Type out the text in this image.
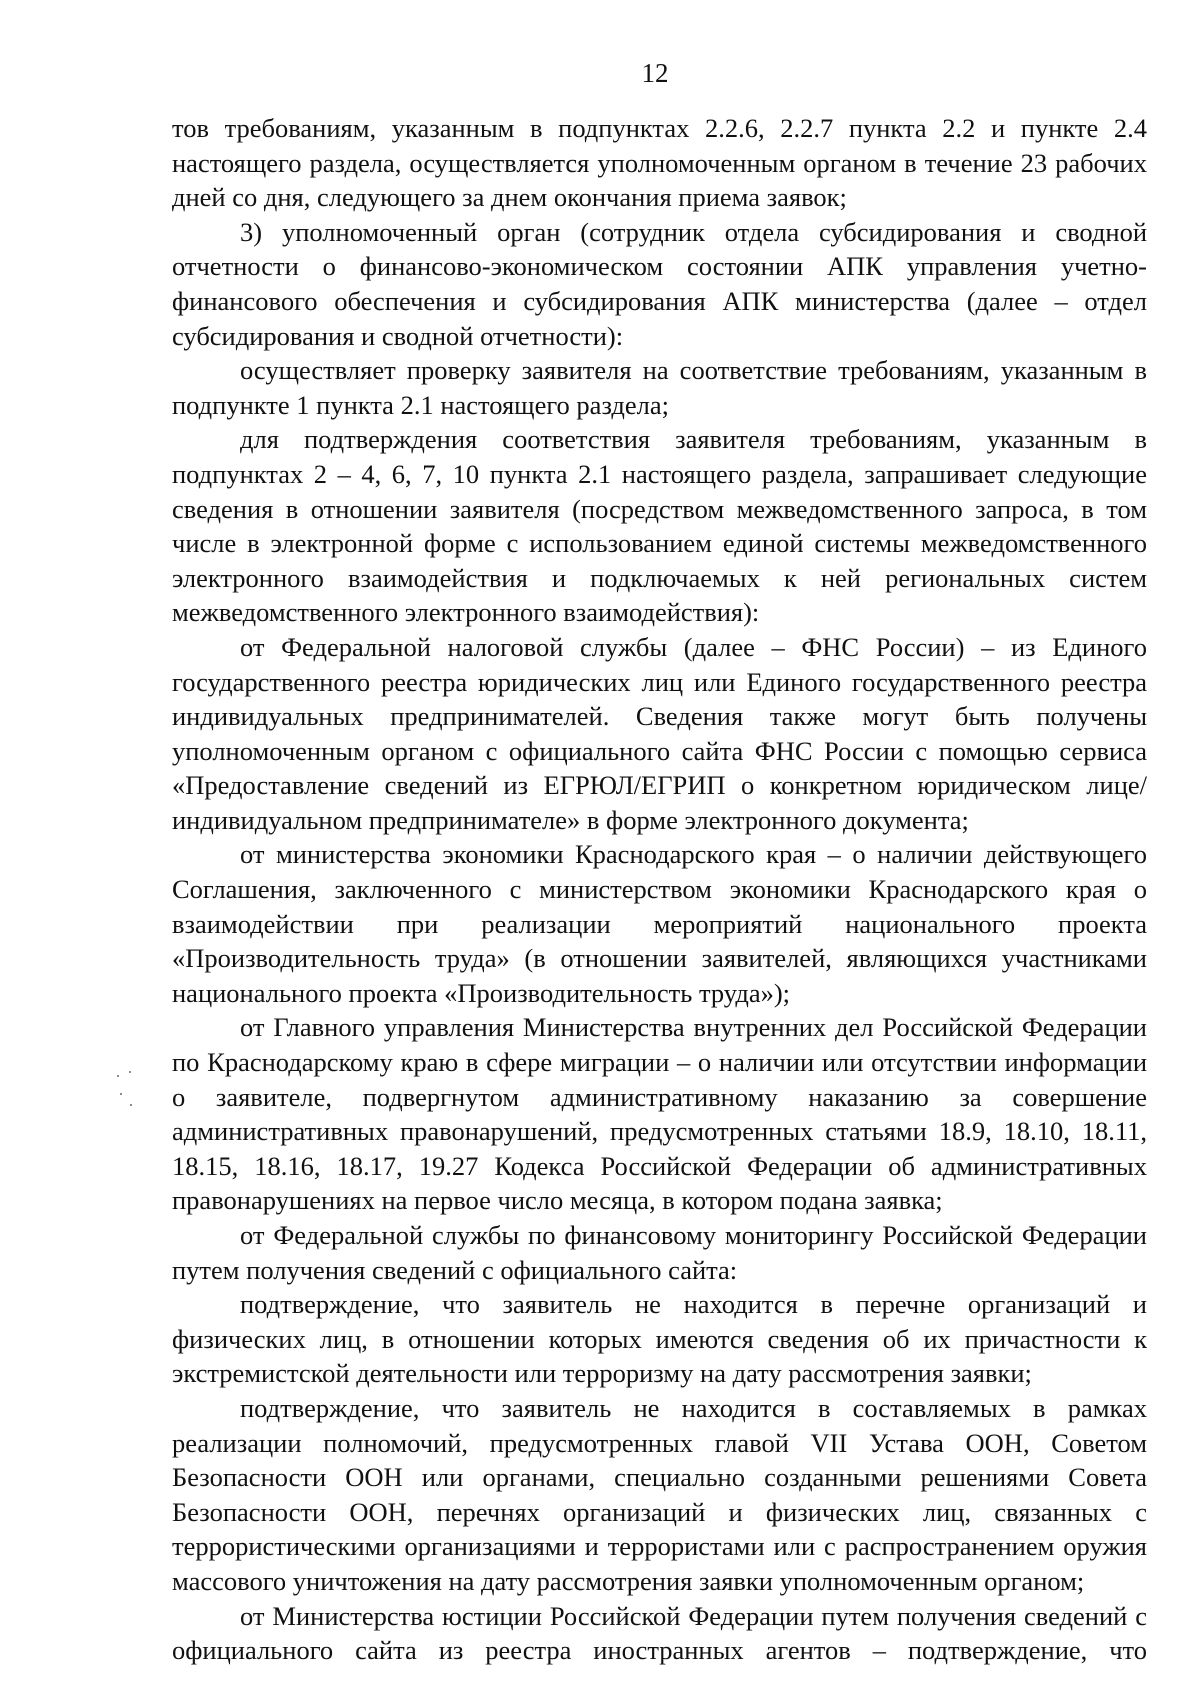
12

тов требованиям, указанным в подпунктах 2.2.6, 2.2.7 пункта 2.2 и пункте 2.4 настоящего раздела, осуществляется уполномоченным органом в течение 23 рабочих дней со дня, следующего за днем окончания приема заявок;

3) уполномоченный орган (сотрудник отдела субсидирования и сводной отчетности о финансово-экономическом состоянии АПК управления учетно-финансового обеспечения и субсидирования АПК министерства (далее – отдел субсидирования и сводной отчетности):

осуществляет проверку заявителя на соответствие требованиям, указанным в подпункте 1 пункта 2.1 настоящего раздела;

для подтверждения соответствия заявителя требованиям, указанным в подпунктах 2 – 4, 6, 7, 10 пункта 2.1 настоящего раздела, запрашивает следующие сведения в отношении заявителя (посредством межведомственного запроса, в том числе в электронной форме с использованием единой системы межведомственного электронного взаимодействия и подключаемых к ней региональных систем межведомственного электронного взаимодействия):

от Федеральной налоговой службы (далее – ФНС России) – из Единого государственного реестра юридических лиц или Единого государственного реестра индивидуальных предпринимателей. Сведения также могут быть получены уполномоченным органом с официального сайта ФНС России с помощью сервиса «Предоставление сведений из ЕГРЮЛ/ЕГРИП о конкретном юридическом лице/индивидуальном предпринимателе» в форме электронного документа;

от министерства экономики Краснодарского края – о наличии действующего Соглашения, заключенного с министерством экономики Краснодарского края о взаимодействии при реализации мероприятий национального проекта «Производительность труда» (в отношении заявителей, являющихся участниками национального проекта «Производительность труда»);

от Главного управления Министерства внутренних дел Российской Федерации по Краснодарскому краю в сфере миграции – о наличии или отсутствии информации о заявителе, подвергнутом административному наказанию за совершение административных правонарушений, предусмотренных статьями 18.9, 18.10, 18.11, 18.15, 18.16, 18.17, 19.27 Кодекса Российской Федерации об административных правонарушениях на первое число месяца, в котором подана заявка;

от Федеральной службы по финансовому мониторингу Российской Федерации путем получения сведений с официального сайта:

подтверждение, что заявитель не находится в перечне организаций и физических лиц, в отношении которых имеются сведения об их причастности к экстремистской деятельности или терроризму на дату рассмотрения заявки;

подтверждение, что заявитель не находится в составляемых в рамках реализации полномочий, предусмотренных главой VII Устава ООН, Советом Безопасности ООН или органами, специально созданными решениями Совета Безопасности ООН, перечнях организаций и физических лиц, связанных с террористическими организациями и террористами или с распространением оружия массового уничтожения на дату рассмотрения заявки уполномоченным органом;

от Министерства юстиции Российской Федерации путем получения сведений с официального сайта из реестра иностранных агентов – подтверждение, что
